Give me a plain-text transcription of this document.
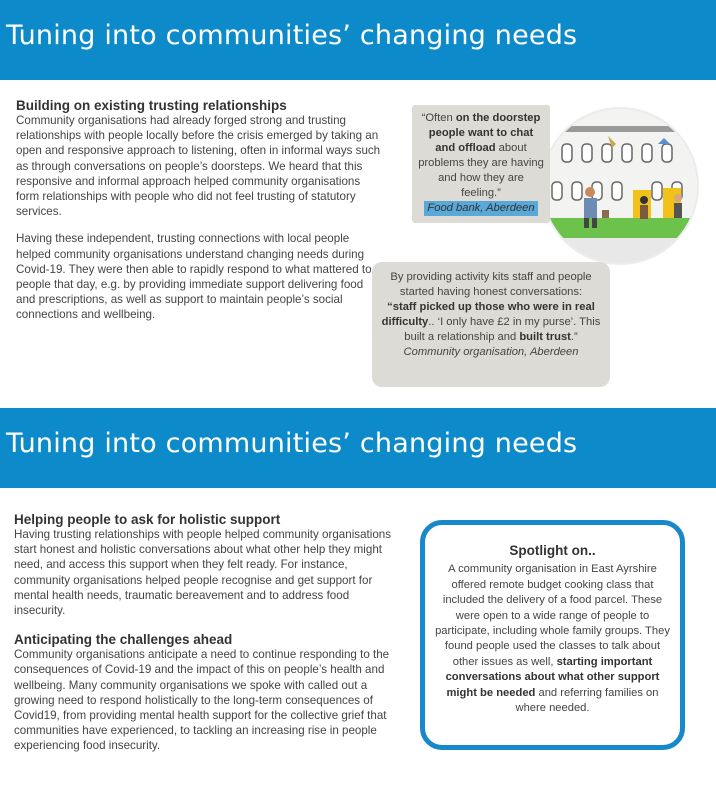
Tuning into communities’ changing needs
Building on existing trusting relationships

Community organisations had already forged strong and trusting relationships with people locally before the crisis emerged by taking an open and responsive approach to listening, often in informal ways such as through conversations on people’s doorsteps. We heard that this responsive and informal approach helped community organisations form relationships with people who did not feel trusting of statutory services.

Having these independent, trusting connections with local people helped community organisations understand changing needs during Covid-19. They were then able to rapidly respond to what mattered to people that day, e.g. by providing immediate support delivering food and prescriptions, as well as support to maintain people’s social connections and wellbeing.

“Often on the doorstep people want to chat and offload about problems they are having and how they are feeling.” Food bank, Aberdeen
By providing activity kits staff and people started having honest conversations:
“staff picked up those who were in real difficulty.. ‘I only have £2 in my purse’. This built a relationship and built trust.”
Community organisation, Aberdeen
Tuning into communities’ changing needs
Helping people to ask for holistic support

Having trusting relationships with people helped community organisations start honest and holistic conversations about what other help they might need, and access this support when they felt ready. For instance, community organisations helped people recognise and get support for mental health needs, traumatic bereavement and to address food insecurity.

Anticipating the challenges ahead

Community organisations anticipate a need to continue responding to the consequences of Covid-19 and the impact of this on people’s health and wellbeing. Many community organisations we spoke with called out a growing need to respond holistically to the long-term consequences of Covid19, from providing mental health support for the collective grief that communities have experienced, to tackling an increasing rise in people experiencing food insecurity.

Spotlight on..
A community organisation in East Ayrshire offered remote budget cooking class that included the delivery of a food parcel. These were open to a wide range of people to participate, including whole family groups. They found people used the classes to talk about other issues as well, starting important conversations about what other support might be needed and referring families on where needed.
